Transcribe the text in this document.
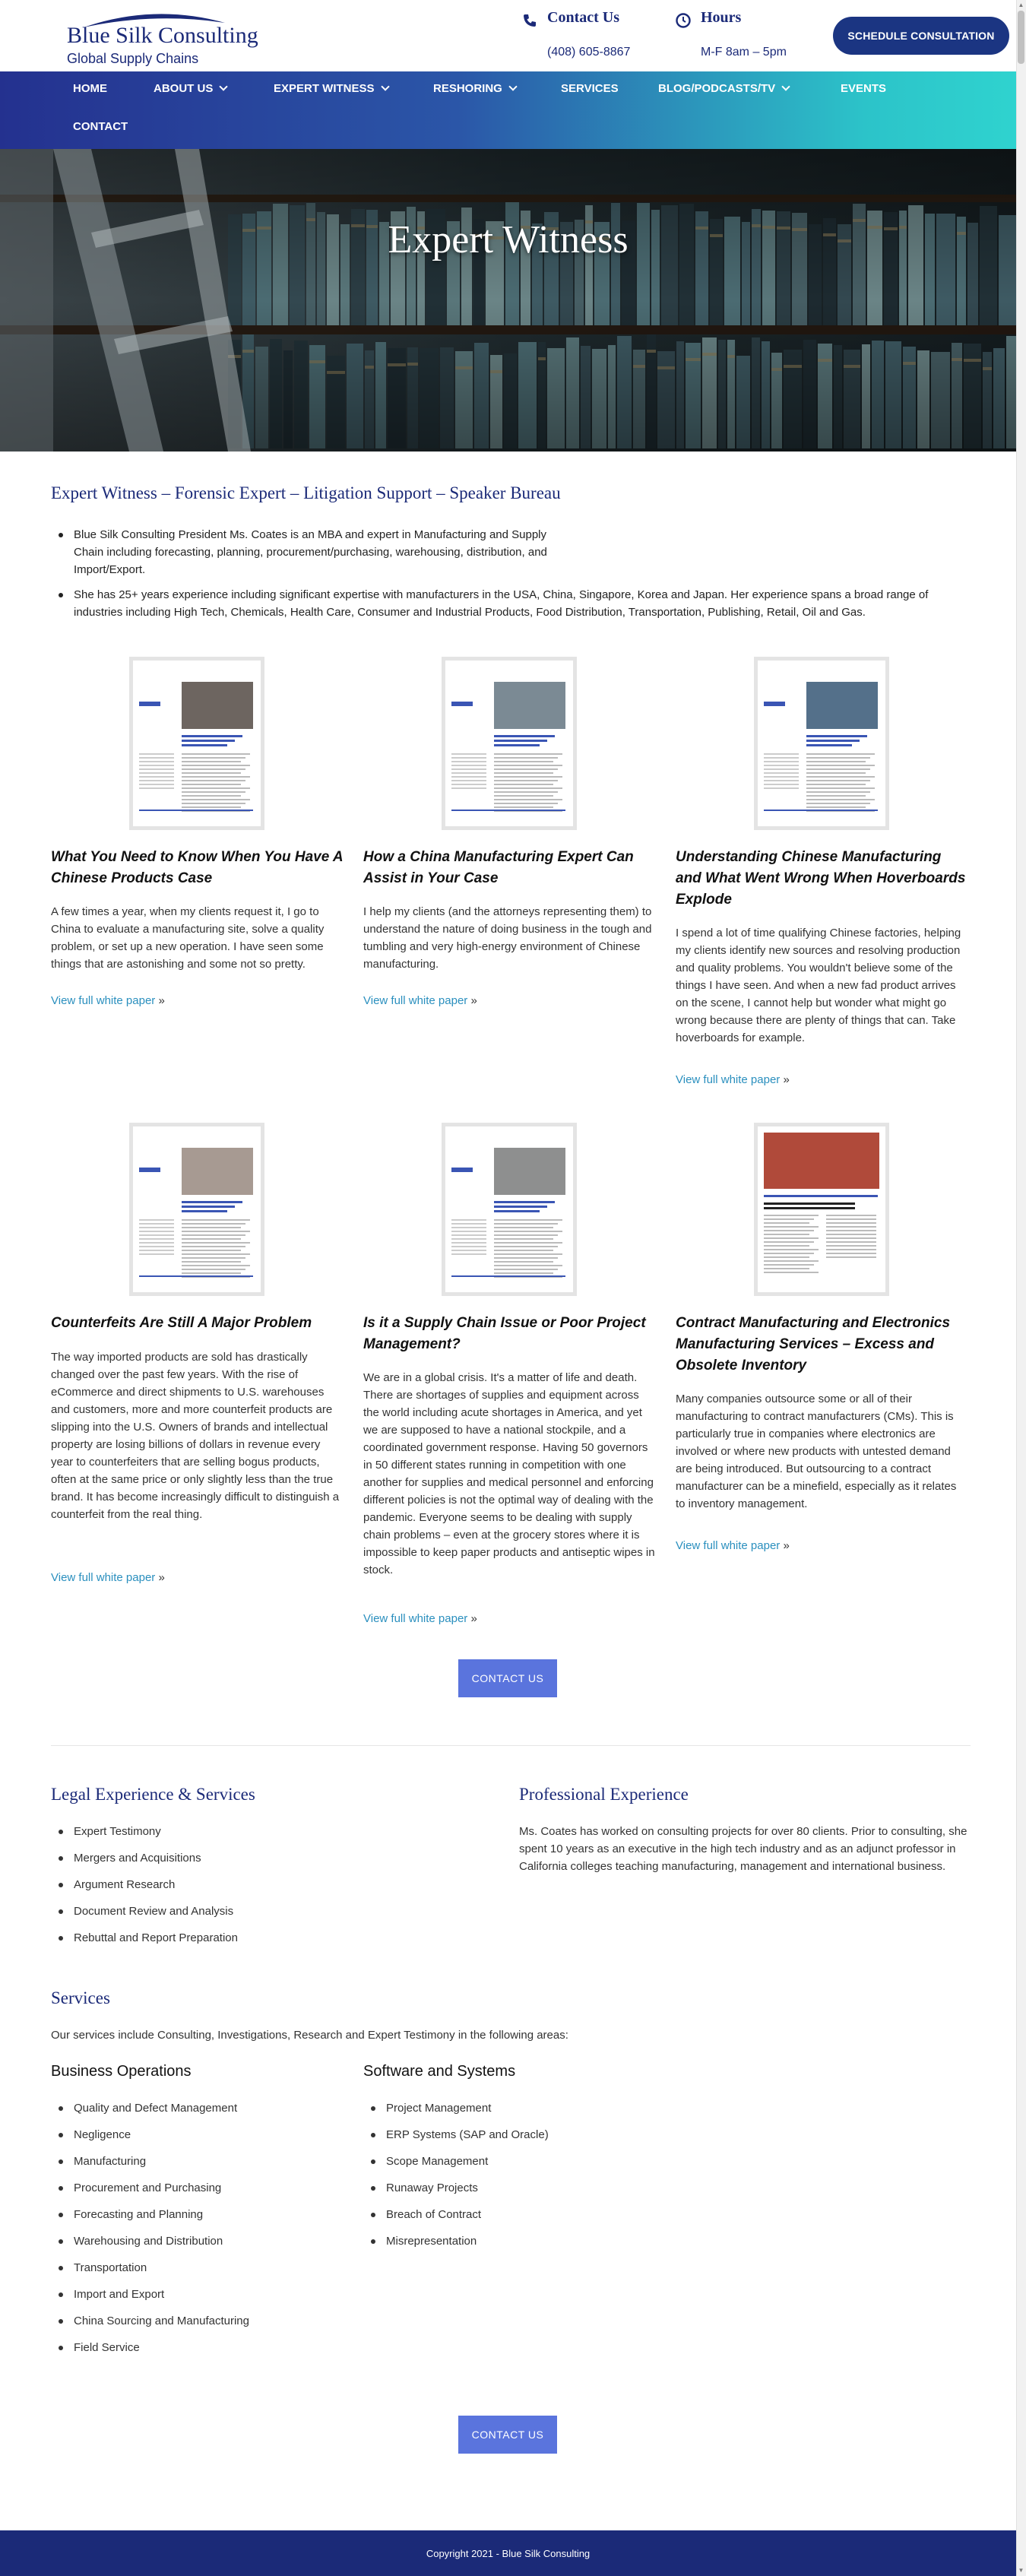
Blue Silk Consulting
Global Supply Chains
Contact Us
(408) 605-8867
Hours
M-F 8am – 5pm
SCHEDULE CONSULTATION
HOME	ABOUT US	EXPERT WITNESS	RESHORING	SERVICES	BLOG/PODCASTS/TV	EVENTS
CONTACT
Expert Witness
Expert Witness – Forensic Expert – Litigation Support – Speaker Bureau
Blue Silk Consulting President Ms. Coates is an MBA and expert in Manufacturing and Supply Chain including forecasting, planning, procurement/purchasing, warehousing, distribution, and Import/Export.
She has 25+ years experience including significant expertise with manufacturers in the USA, China, Singapore, Korea and Japan. Her experience spans a broad range of industries including High Tech, Chemicals, Health Care, Consumer and Industrial Products, Food Distribution, Transportation, Publishing, Retail, Oil and Gas.
What You Need to Know When You Have A Chinese Products Case
A few times a year, when my clients request it, I go to China to evaluate a manufacturing site, solve a quality problem, or set up a new operation. I have seen some things that are astonishing and some not so pretty.
View full white paper »
How a China Manufacturing Expert Can Assist in Your Case
I help my clients (and the attorneys representing them) to understand the nature of doing business in the tough and tumbling and very high-energy environment of Chinese manufacturing.
View full white paper »
Understanding Chinese Manufacturing and What Went Wrong When Hoverboards Explode
I spend a lot of time qualifying Chinese factories, helping my clients identify new sources and resolving production and quality problems. You wouldn't believe some of the things I have seen. And when a new fad product arrives on the scene, I cannot help but wonder what might go wrong because there are plenty of things that can. Take hoverboards for example.
View full white paper »
Counterfeits Are Still A Major Problem
The way imported products are sold has drastically changed over the past few years. With the rise of eCommerce and direct shipments to U.S. warehouses and customers, more and more counterfeit products are slipping into the U.S. Owners of brands and intellectual property are losing billions of dollars in revenue every year to counterfeiters that are selling bogus products, often at the same price or only slightly less than the true brand. It has become increasingly difficult to distinguish a counterfeit from the real thing.
View full white paper »
Is it a Supply Chain Issue or Poor Project Management?
We are in a global crisis. It's a matter of life and death. There are shortages of supplies and equipment across the world including acute shortages in America, and yet we are supposed to have a national stockpile, and a coordinated government response. Having 50 governors in 50 different states running in competition with one another for supplies and medical personnel and enforcing different policies is not the optimal way of dealing with the pandemic. Everyone seems to be dealing with supply chain problems – even at the grocery stores where it is impossible to keep paper products and antiseptic wipes in stock.
View full white paper »
Contract Manufacturing and Electronics Manufacturing Services – Excess and Obsolete Inventory
Many companies outsource some or all of their manufacturing to contract manufacturers (CMs). This is particularly true in companies where electronics are involved or where new products with untested demand are being introduced. But outsourcing to a contract manufacturer can be a minefield, especially as it relates to inventory management.
View full white paper »
CONTACT US
Legal Experience & Services
Expert Testimony
Mergers and Acquisitions
Argument Research
Document Review and Analysis
Rebuttal and Report Preparation
Professional Experience
Ms. Coates has worked on consulting projects for over 80 clients. Prior to consulting, she spent 10 years as an executive in the high tech industry and as an adjunct professor in California colleges teaching manufacturing, management and international business.
Services
Our services include Consulting, Investigations, Research and Expert Testimony in the following areas:
Business Operations
Quality and Defect Management
Negligence
Manufacturing
Procurement and Purchasing
Forecasting and Planning
Warehousing and Distribution
Transportation
Import and Export
China Sourcing and Manufacturing
Field Service
Software and Systems
Project Management
ERP Systems (SAP and Oracle)
Scope Management
Runaway Projects
Breach of Contract
Misrepresentation
CONTACT US
Copyright 2021 - Blue Silk Consulting
▲
▼
